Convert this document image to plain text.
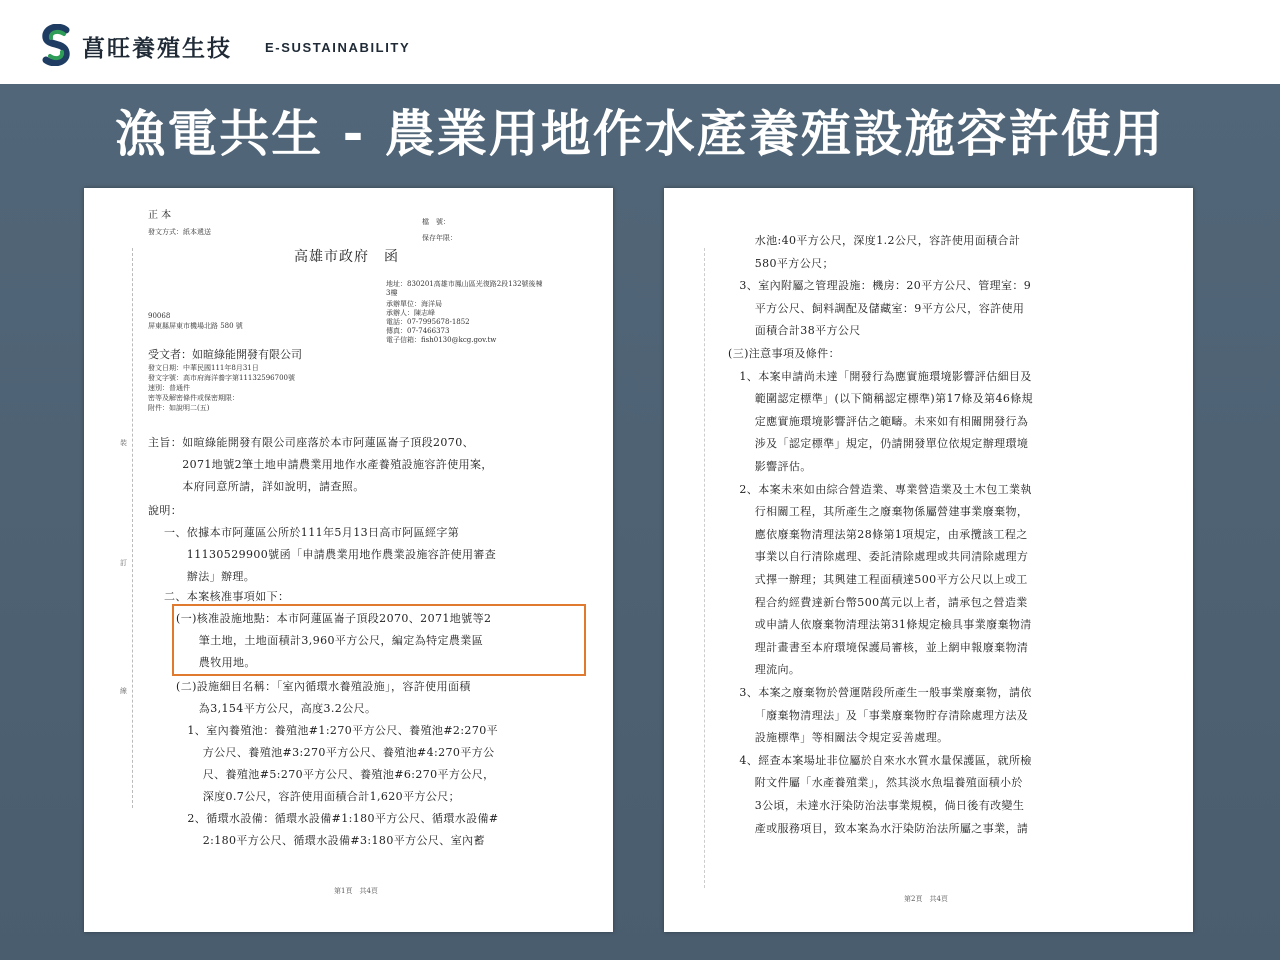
菖旺養殖生技	E-SUSTAINABILITY
漁電共生 - 農業用地作水產養殖設施容許使用
裝
訂
線
正 本
發文方式：紙本遞送
檔　號：
保存年限：
高雄市政府　函
地址：830201高雄市鳳山區光復路2段132號後棟
3樓
承辦單位：海洋局
承辦人：陳志峰
電話：07-7995678-1852
傳真：07-7466373
電子信箱：fish0130@kcg.gov.tw
90068
屏東縣屏東市機場北路 580 號
受文者：如暄綠能開發有限公司
發文日期：中華民國111年8月31日
發文字號：高市府海洋養字第11132596700號
速別：普通件
密等及解密條件或保密期限：
附件：如說明二(五)
主旨：如暄綠能開發有限公司座落於本市阿蓮區崙子頂段2070、
　　　2071地號2筆土地申請農業用地作水產養殖設施容許使用案，
　　　本府同意所請，詳如說明，請查照。
說明：
一、依據本市阿蓮區公所於111年5月13日高市阿區經字第
　　11130529900號函「申請農業用地作農業設施容許使用審查
　　辦法」辦理。
二、本案核准事項如下：
(一)核准設施地點：本市阿蓮區崙子頂段2070、2071地號等2
　　筆土地，土地面積計3,960平方公尺，編定為特定農業區
　　農牧用地。
(二)設施細目名稱：「室內循環水養殖設施」，容許使用面積
　　為3,154平方公尺，高度3.2公尺。
　1、室內養殖池：養殖池#1:270平方公尺、養殖池#2:270平
　　 方公尺、養殖池#3:270平方公尺、養殖池#4:270平方公
　　 尺、養殖池#5:270平方公尺、養殖池#6:270平方公尺，
　　 深度0.7公尺，容許使用面積合計1,620平方公尺；
　2、循環水設備：循環水設備#1:180平方公尺、循環水設備#
　　 2:180平方公尺、循環水設備#3:180平方公尺、室內蓄
第1頁　共4頁
　　 水池:40平方公尺，深度1.2公尺，容許使用面積合計
　　 580平方公尺；
　3、室內附屬之管理設施：機房：20平方公尺、管理室：9
　　 平方公尺、飼料調配及儲藏室：9平方公尺，容許使用
　　 面積合計38平方公尺
(三)注意事項及條件：
　1、本案申請尚未達「開發行為應實施環境影響評估細目及
　　 範圍認定標準」(以下簡稱認定標準)第17條及第46條規
　　 定應實施環境影響評估之範疇。未來如有相關開發行為
　　 涉及「認定標準」規定，仍請開發單位依規定辦理環境
　　 影響評估。
　2、本案未來如由綜合營造業、專業營造業及土木包工業執
　　 行相關工程，其所產生之廢棄物係屬營建事業廢棄物，
　　 應依廢棄物清理法第28條第1項規定，由承攬該工程之
　　 事業以自行清除處理、委託清除處理或共同清除處理方
　　 式擇一辦理；其興建工程面積達500平方公尺以上或工
　　 程合約經費達新台幣500萬元以上者，請承包之營造業
　　 或申請人依廢棄物清理法第31條規定檢具事業廢棄物清
　　 理計畫書至本府環境保護局審核，並上網申報廢棄物清
　　 理流向。
　3、本案之廢棄物於營運階段所產生一般事業廢棄物，請依
　　 「廢棄物清理法」及「事業廢棄物貯存清除處理方法及
　　 設施標準」等相關法令規定妥善處理。
　4、經查本案場址非位屬於自來水水質水量保護區，就所檢
　　 附文件屬「水產養殖業」，然其淡水魚塭養殖面積小於
　　 3公頃，未達水汙染防治法事業規模，倘日後有改變生
　　 產或服務項目，致本案為水汙染防治法所屬之事業，請
第2頁　共4頁
